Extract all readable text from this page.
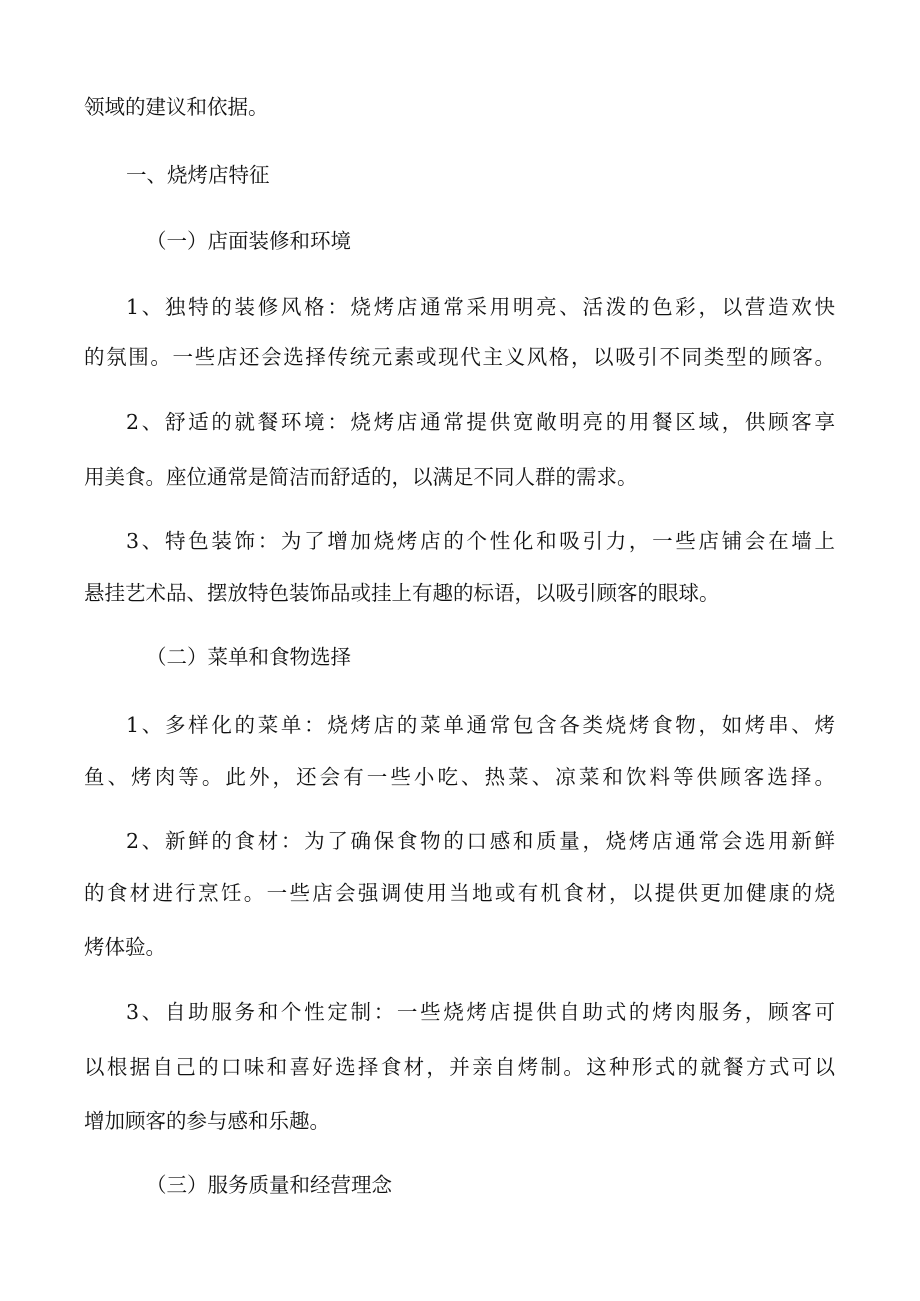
领域的建议和依据。
一、烧烤店特征
（一）店面装修和环境
1、独特的装修风格：烧烤店通常采用明亮、活泼的色彩，以营造欢快
的氛围。一些店还会选择传统元素或现代主义风格，以吸引不同类型的顾客。
2、舒适的就餐环境：烧烤店通常提供宽敞明亮的用餐区域，供顾客享
用美食。座位通常是简洁而舒适的，以满足不同人群的需求。
3、特色装饰：为了增加烧烤店的个性化和吸引力，一些店铺会在墙上
悬挂艺术品、摆放特色装饰品或挂上有趣的标语，以吸引顾客的眼球。
（二）菜单和食物选择
1、多样化的菜单：烧烤店的菜单通常包含各类烧烤食物，如烤串、烤
鱼、烤肉等。此外，还会有一些小吃、热菜、凉菜和饮料等供顾客选择。
2、新鲜的食材：为了确保食物的口感和质量，烧烤店通常会选用新鲜
的食材进行烹饪。一些店会强调使用当地或有机食材，以提供更加健康的烧
烤体验。
3、自助服务和个性定制：一些烧烤店提供自助式的烤肉服务，顾客可
以根据自己的口味和喜好选择食材，并亲自烤制。这种形式的就餐方式可以
增加顾客的参与感和乐趣。
（三）服务质量和经营理念
